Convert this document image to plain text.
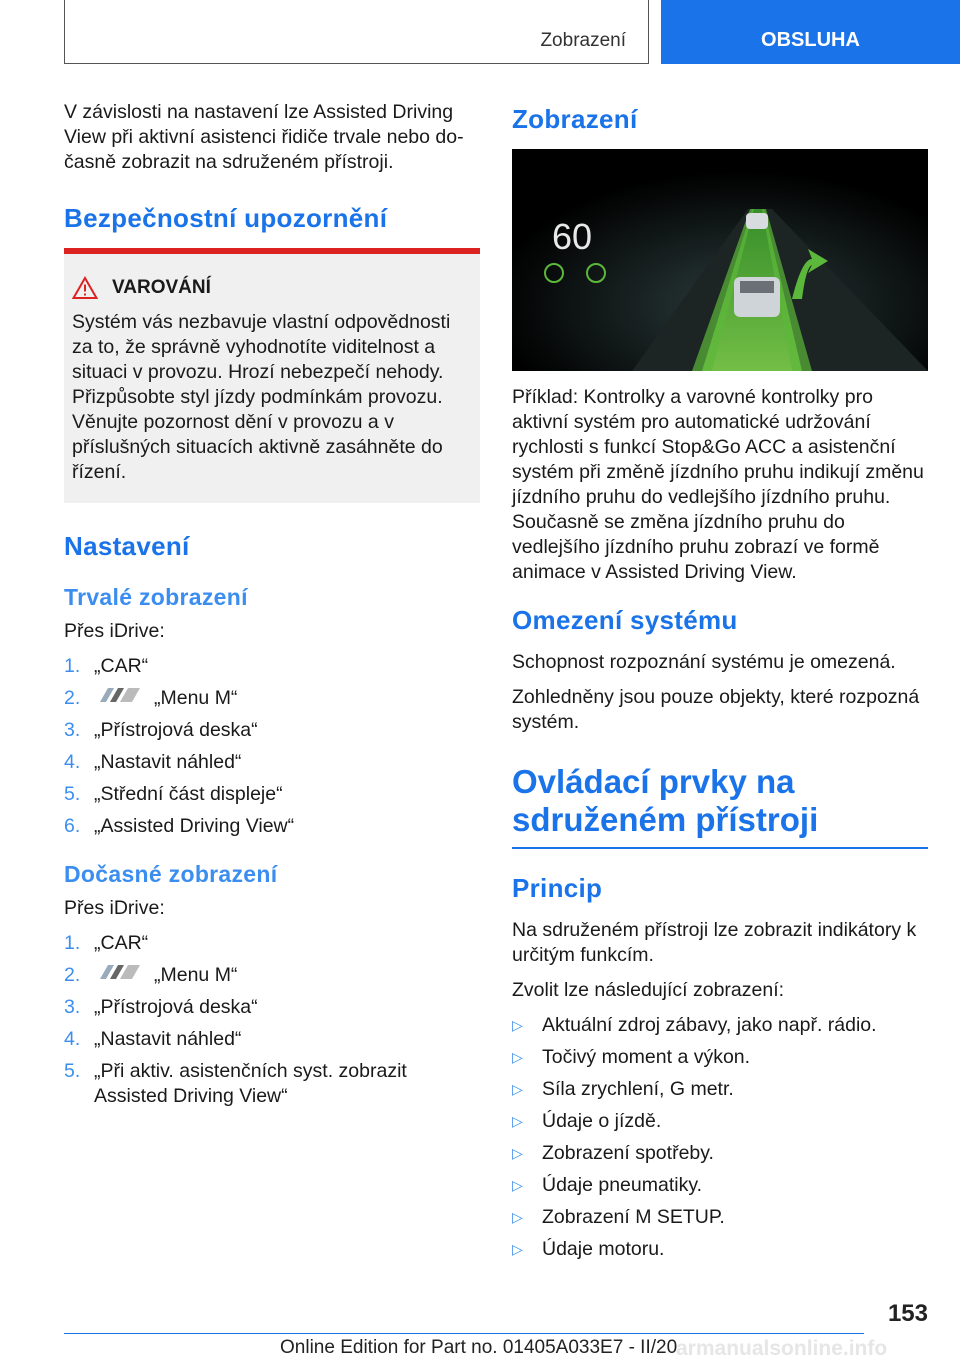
Zobrazení	OBSLUHA

V závislosti na nastavení lze Assisted Driving View při aktivní asistenci řidiče trvale nebo dočasně zobrazit na sdruženém přístroji.

Bezpečnostní upozornění
VAROVÁNÍ

Systém vás nezbavuje vlastní odpovědnosti za to, že správně vyhodnotíte viditelnost a situaci v provozu. Hrozí nebezpečí nehody. Přizpůsobte styl jízdy podmínkám provozu. Věnujte pozornost dění v provozu a v příslušných situacích aktivně zasáhněte do řízení.

Nastavení
Trvalé zobrazení

Přes iDrive:

1. „CAR“
2.	„Menu M“
3. „Přístrojová deska“
4. „Nastavit náhled“
5. „Střední část displeje“
6. „Assisted Driving View“
Dočasné zobrazení

Přes iDrive:

1. „CAR“
2.	„Menu M“
3. „Přístrojová deska“
4. „Nastavit náhled“
5. „Při aktiv. asistenčních syst. zobrazit Assisted Driving View“
Zobrazení
60

Příklad: Kontrolky a varovné kontrolky pro aktivní systém pro automatické udržování rychlosti s funkcí Stop&Go ACC a asistenční systém při změně jízdního pruhu indikují změnu jízdního pruhu do vedlejšího jízdního pruhu. Současně se změna jízdního pruhu do vedlejšího jízdního pruhu zobrazí ve formě animace v Assisted Driving View.

Omezení systému

Schopnost rozpoznání systému je omezená.

Zohledněny jsou pouze objekty, které rozpozná systém.

Ovládací prvky na sdruženém přístroji
Princip

Na sdruženém přístroji lze zobrazit indikátory k určitým funkcím.

Zvolit lze následující zobrazení:

▷ Aktuální zdroj zábavy, jako např. rádio.
▷ Točivý moment a výkon.
▷ Síla zrychlení, G metr.
▷ Údaje o jízdě.
▷ Zobrazení spotřeby.
▷ Údaje pneumatiky.
▷ Zobrazení M SETUP.
▷ Údaje motoru.
153
Online Edition for Part no. 01405A033E7 - II/20
armanualsonline.info
